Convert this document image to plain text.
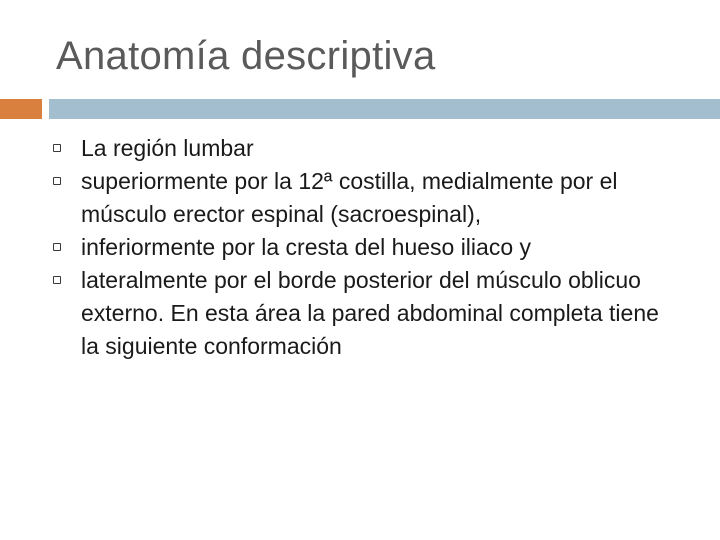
Anatomía descriptiva
La región lumbar
superiormente por la 12ª costilla, medialmente por el músculo erector espinal (sacroespinal),
inferiormente por la cresta del hueso iliaco y
lateralmente por el borde posterior del músculo oblicuo externo. En esta área la pared abdominal completa tiene la siguiente conformación
